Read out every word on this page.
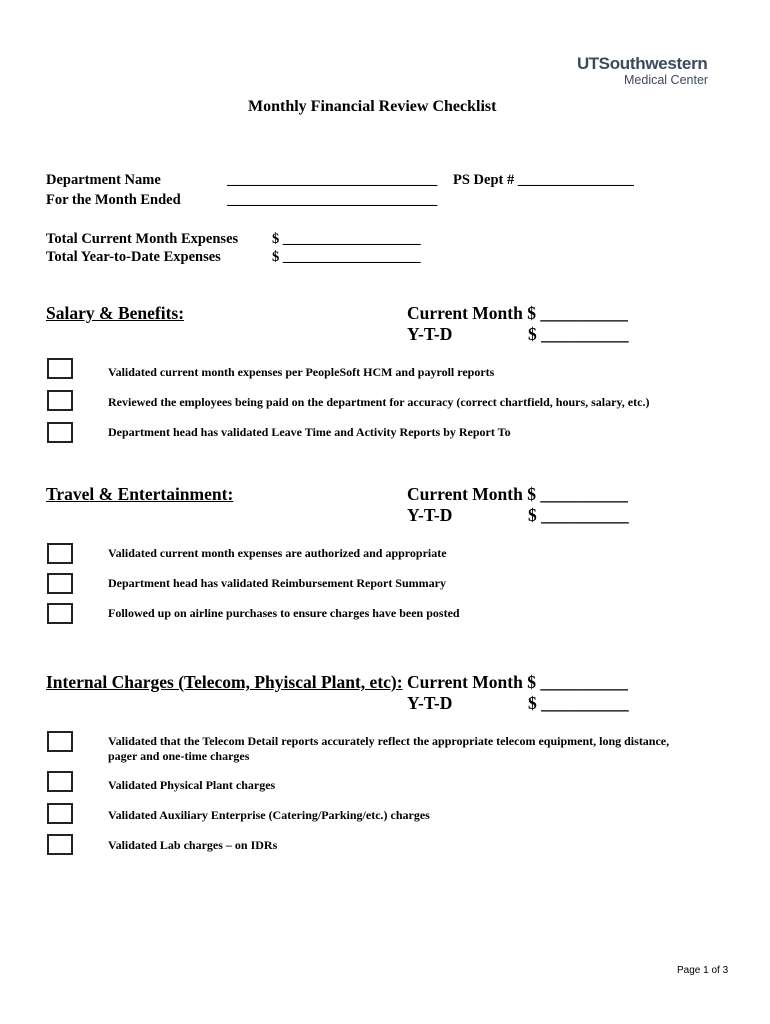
UTSouthwestern
Medical Center
Monthly Financial Review Checklist
Department Name	_____________________________ PS Dept # ________________
For the Month Ended	_____________________________
Total Current Month Expenses $ ___________________
Total Year-to-Date Expenses	$ ___________________
Salary & Benefits:	Current Month $ __________
Y-T-D	$ __________
Validated current month expenses per PeopleSoft HCM and payroll reports
Reviewed the employees being paid on the department for accuracy (correct chartfield, hours, salary, etc.)
Department head has validated Leave Time and Activity Reports by Report To
Travel & Entertainment:	Current Month $ __________
Y-T-D	$ __________
Validated current month expenses are authorized and appropriate
Department head has validated Reimbursement Report Summary
Followed up on airline purchases to ensure charges have been posted
Internal Charges (Telecom, Phyiscal Plant, etc): Current Month $ __________
Y-T-D	$ __________
Validated that the Telecom Detail reports accurately reflect the appropriate telecom equipment, long distance,
pager and one-time charges
Validated Physical Plant charges
Validated Auxiliary Enterprise (Catering/Parking/etc.) charges
Validated Lab charges – on IDRs
Page 1 of 3
